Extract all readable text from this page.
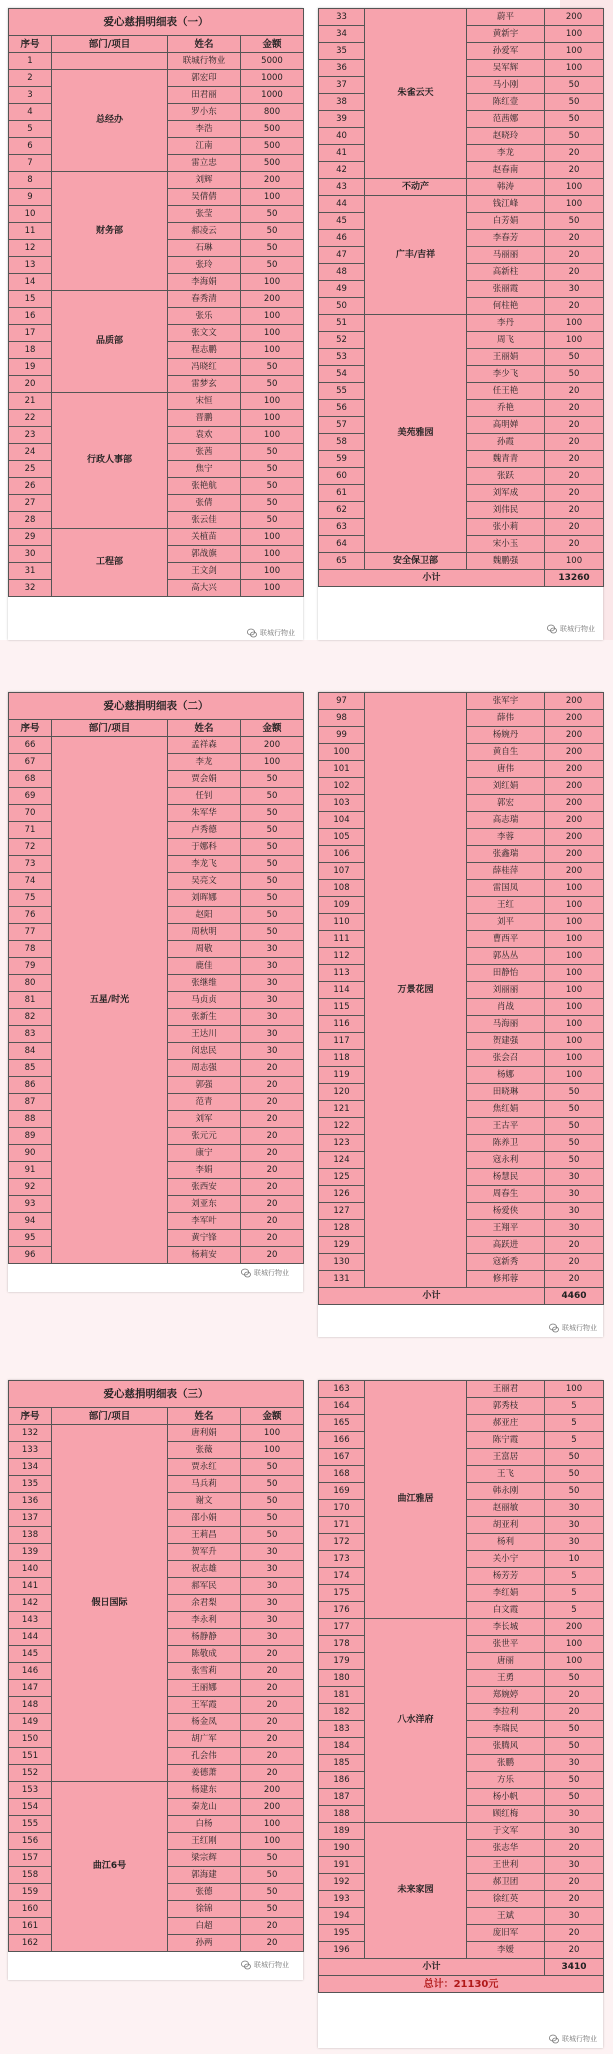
爱心慈捐明细表（一）			
序号	部门/项目	姓名	金额
1		联城行物业	5000
2	总经办	郭宏印	1000
3		田君丽	1000
4		罗小东	800
5		李浩	500
6		江南	500
7		雷立忠	500
8	财务部	刘辉	200
9		吴倩倩	100
10		张莹	50
11		郝凌云	50
12		石琳	50
13		张玲	50
14		李海娟	100
15	品质部	春秀清	200
16		张乐	100
17		张文文	100
18		程志鹏	100
19		冯晓红	50
20		雷梦玄	50
21	行政人事部	宋恒	100
22		晋鹏	100
23		袁欢	100
24		张茜	50
25		焦宁	50
26		张艳航	50
27		张倩	50
28		张云佳	50
29	工程部	关植苗	100
30		郭战旗	100
31		王文剑	100
32		高大兴	100
联城行物业
33	朱雀云天	蔚平	200
34		黄新宇	100
35		孙爱军	100
36		吴军辉	100
37		马小刚	50
38		陈红壹	50
39		范茜娜	50
40		赵晓玲	50
41		李龙	20
42		赵春南	20
43	不动产	韩涛	100
44	广丰/吉祥	钱江峰	100
45		白芳娟	50
46		李春芳	20
47		马丽丽	20
48		高新柱	20
49		张丽霞	30
50		何柱艳	20
51	美苑雅园	李丹	100
52		周飞	100
53		王丽娟	50
54		李少飞	50
55		任王艳	20
56		乔艳	20
57		高明婵	20
58		孙霞	20
59		魏青青	20
60		张跃	20
61		刘军成	20
62		刘伟民	20
63		张小莉	20
64		宋小玉	20
65	安全保卫部	魏鹏强	100
小计			13260
联城行物业
爱心慈捐明细表（二）			
序号	部门/项目	姓名	金额
66	五星/时光	孟祥森	200
67		李龙	100
68		贾会娟	50
69		任钊	50
70		朱军华	50
71		卢秀德	50
72		于娜科	50
73		李龙飞	50
74		吴亮文	50
75		刘晖娜	50
76		赵阳	50
77		周秋明	50
78		周敬	30
79		鹿佳	30
80		张继维	30
81		马贞贞	30
82		张新生	30
83		王达川	30
84		闵忠民	30
85		周志强	20
86		郭强	20
87		范青	20
88		刘军	20
89		张元元	20
90		康宁	20
91		李娟	20
92		张西安	20
93		刘亚东	20
94		李军叶	20
95		黄宁锋	20
96		杨莉安	20
联城行物业
97	万景花园	张军宇	200
98		薛伟	200
99		杨婉丹	200
100		黄自生	200
101		唐伟	200
102		刘红娟	200
103		郭宏	200
104		高志瑞	200
105		李蓉	200
106		张鑫瑞	200
107		薛桂萍	200
108		雷国凤	100
109		王红	100
110		刘平	100
111		曹西平	100
112		郭丛丛	100
113		田静怡	100
114		刘丽丽	100
115		肖战	100
116		马海丽	100
117		贺建强	100
118		张会召	100
119		杨娜	100
120		田晓琳	50
121		焦红娟	50
122		王古平	50
123		陈养卫	50
124		寇永利	50
125		杨慧民	30
126		周春生	30
127		杨爱侠	30
128		王翔平	30
129		高跃进	20
130		寇新秀	20
131		修邦蓉	20
小计			4460
联城行物业
爱心慈捐明细表（三）			
序号	部门/项目	姓名	金额
132	假日国际	唐利娟	100
133		张薇	100
134		贾永红	50
135		马兵莉	50
136		谢文	50
137		邵小娟	50
138		王莉昌	50
139		贺军升	30
140		祝志雄	30
141		郝军民	30
142		余君梨	30
143		李永利	30
144		杨静静	30
145		陈敬成	20
146		张雪莉	20
147		王丽娜	20
148		王军霞	20
149		杨金凤	20
150		胡广军	20
151		孔会伟	20
152		姜德萧	20
153	曲江6号	杨建东	200
154		秦龙山	200
155		白杨	100
156		王红刚	100
157		梁宗辉	50
158		郭海建	50
159		张德	50
160		徐锦	50
161		白超	20
162		孙两	20
联城行物业
163	曲江雅居	王丽君	100
164		郭秀枝	5
165		郝亚庄	5
166		陈宁霞	5
167		王富居	50
168		王飞	50
169		韩永刚	50
170		赵丽敏	30
171		胡亚利	30
172		杨利	30
173		关小宁	10
174		杨芳芳	5
175		李红娟	5
176		白文霞	5
177	八水洋府	李长城	200
178		张世平	100
179		唐丽	100
180		王勇	50
181		郑婉婷	20
182		李拉利	20
183		李瑞民	50
184		张腾风	50
185		张鹏	30
186		方乐	50
187		杨小帆	50
188		顾红梅	30
189	未来家园	于文军	30
190		张志华	20
191		王世利	30
192		郝卫团	20
193		徐红英	20
194		王斌	30
195		庞旧军	20
196		李嫒	20
小计			3410
总计：21130元			
联城行物业
